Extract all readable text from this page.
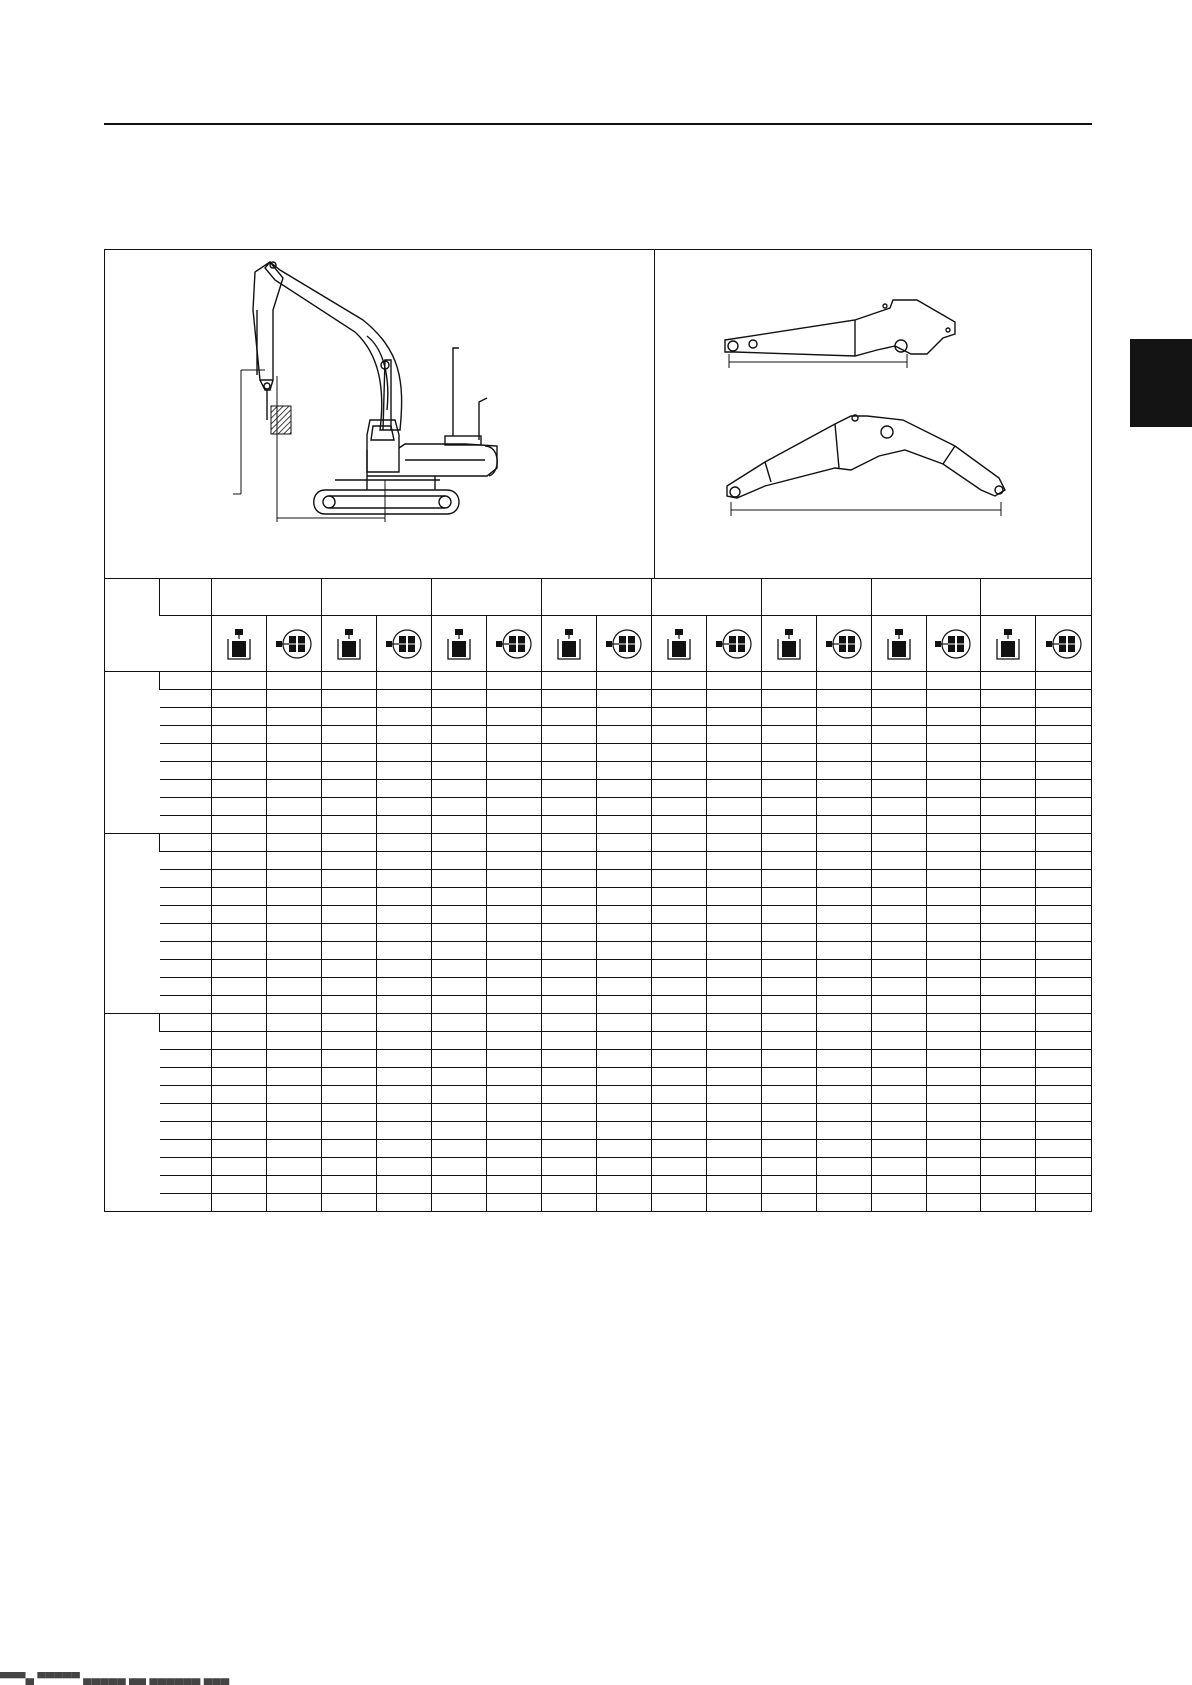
▀▀▀▄ ▀▀▀▀▀ ▄▄▄▄▄ ▄▄ ▄▄▄▄▄▄ ▄▄▄
